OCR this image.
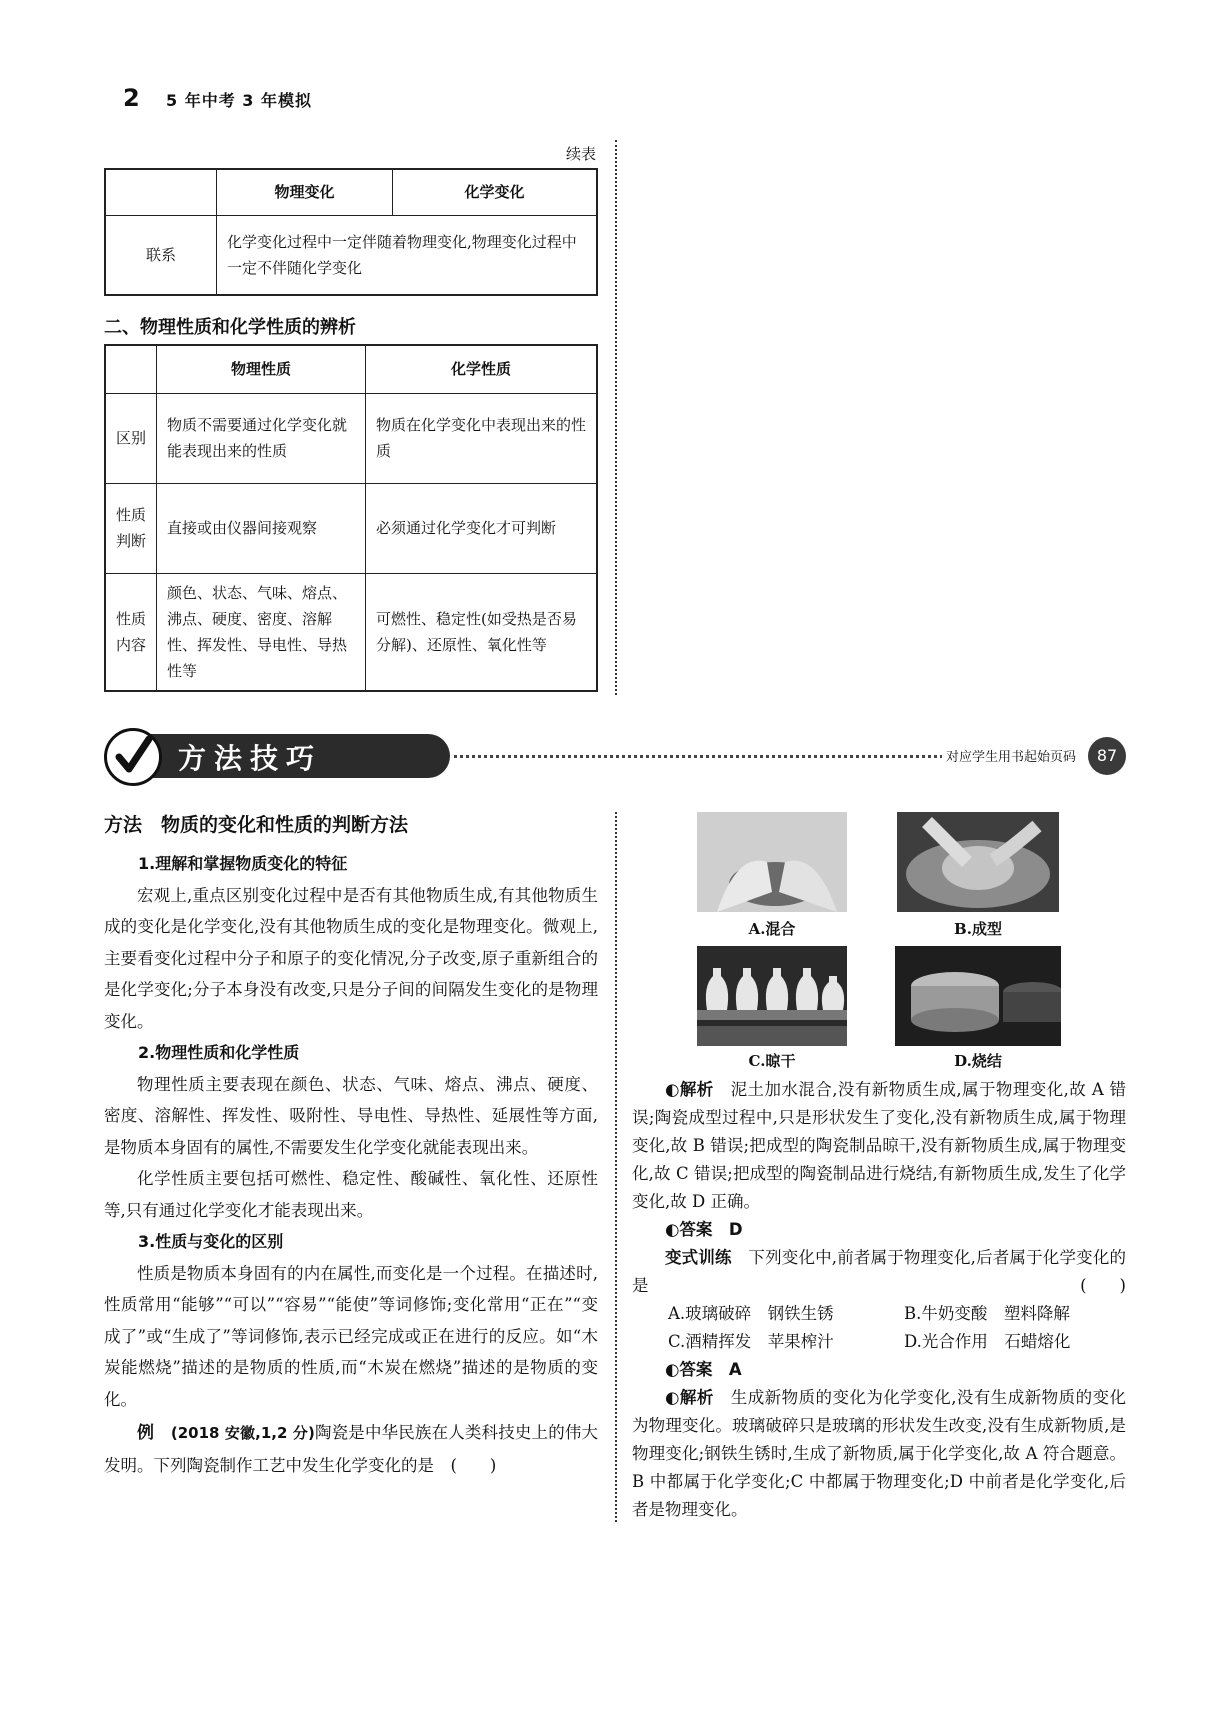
2 5 年中考 3 年模拟
续表
	物理变化	化学变化
联系	化学变化过程中一定伴随着物理变化,物理变化过程中一定不伴随化学变化	
二、物理性质和化学性质的辨析
	物理性质	化学性质
区别	物质不需要通过化学变化就能表现出来的性质	物质在化学变化中表现出来的性质
性质判断	直接或由仪器间接观察	必须通过化学变化才可判断
性质内容	颜色、状态、气味、熔点、沸点、硬度、密度、溶解性、挥发性、导电性、导热性等	可燃性、稳定性(如受热是否易分解)、还原性、氧化性等
方法技巧	对应学生用书起始页码	87
方法　物质的变化和性质的判断方法

1.理解和掌握物质变化的特征

宏观上,重点区别变化过程中是否有其他物质生成,有其他物质生成的变化是化学变化,没有其他物质生成的变化是物理变化。微观上,主要看变化过程中分子和原子的变化情况,分子改变,原子重新组合的是化学变化;分子本身没有改变,只是分子间的间隔发生变化的是物理变化。

2.物理性质和化学性质

物理性质主要表现在颜色、状态、气味、熔点、沸点、硬度、密度、溶解性、挥发性、吸附性、导电性、导热性、延展性等方面,是物质本身固有的属性,不需要发生化学变化就能表现出来。

化学性质主要包括可燃性、稳定性、酸碱性、氧化性、还原性等,只有通过化学变化才能表现出来。

3.性质与变化的区别

性质是物质本身固有的内在属性,而变化是一个过程。在描述时,性质常用“能够”“可以”“容易”“能使”等词修饰;变化常用“正在”“变成了”或“生成了”等词修饰,表示已经完成或正在进行的反应。如“木炭能燃烧”描述的是物质的性质,而“木炭在燃烧”描述的是物质的变化。

例　 (2018 安徽,1,2 分)陶瓷是中华民族在人类科技史上的伟大发明。下列陶瓷制作工艺中发生化学变化的是　 (　　)

A.混合	B.成型
C.晾干	D.烧结
◐解析　 泥土加水混合,没有新物质生成,属于物理变化,故 A 错误;陶瓷成型过程中,只是形状发生了变化,没有新物质生成,属于物理变化,故 B 错误;把成型的陶瓷制品晾干,没有新物质生成,属于物理变化,故 C 错误;把成型的陶瓷制品进行烧结,有新物质生成,发生了化学变化,故 D 正确。
◐答案　 D
变式训练　 下列变化中,前者属于物理变化,后者属于化学变化的是	(　　)
A.玻璃破碎　钢铁生锈	B.牛奶变酸　塑料降解
C.酒精挥发　苹果榨汁	D.光合作用　石蜡熔化
◐答案　 A
◐解析　 生成新物质的变化为化学变化,没有生成新物质的变化为物理变化。玻璃破碎只是玻璃的形状发生改变,没有生成新物质,是物理变化;钢铁生锈时,生成了新物质,属于化学变化,故 A 符合题意。B 中都属于化学变化;C 中都属于物理变化;D 中前者是化学变化,后者是物理变化。
